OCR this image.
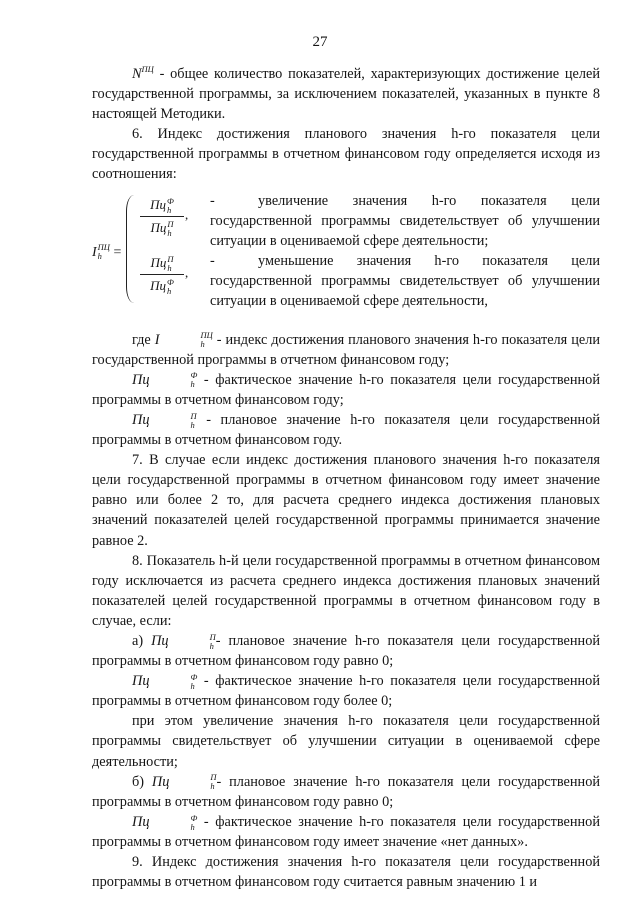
27

$N^{ПЦ}$ - общее количество показателей, характеризующих достижение целей государственной программы, за исключением показателей, указанных в пункте 8 настоящей Методики.

6. Индекс достижения планового значения h-го показателя цели государственной программы в отчетном финансовом году определяется исходя из соотношения:

I ПЦ
h =
Пц Ф
h
Пц П
h
,
-	увеличение значения h-го показателя цели государственной программы свидетельствует об улучшении ситуации в оцениваемой сфере деятельности;
Пц П
h
Пц Ф
h
,
-	уменьшение значения h-го показателя цели государственной программы свидетельствует об улучшении ситуации в оцениваемой сфере деятельности,

где I	ПЦ
h - индекс достижения планового значения h-го показателя цели государственной программы в отчетном финансовом году;

Пц	Ф
h - фактическое значение h-го показателя цели государственной программы в отчетном финансовом году;

Пц	П
h - плановое значение h-го показателя цели государственной программы в отчетном финансовом году.

7. В случае если индекс достижения планового значения h-го показателя цели государственной программы в отчетном финансовом году имеет значение равно или более 2 то, для расчета среднего индекса достижения плановых значений показателей целей государственной программы принимается значение равное 2.

8. Показатель h-й цели государственной программы в отчетном финансовом году исключается из расчета среднего индекса достижения плановых значений показателей целей государственной программы в отчетном финансовом году в случае, если:

а) Пц	П
h - плановое значение h-го показателя цели государственной программы в отчетном финансовом году равно 0;

Пц	Ф
h - фактическое значение h-го показателя цели государственной программы в отчетном финансовом году более 0;

при этом увеличение значения h-го показателя цели государственной программы свидетельствует об улучшении ситуации в оцениваемой сфере деятельности;

б) Пц	П
h - плановое значение h-го показателя цели государственной программы в отчетном финансовом году равно 0;

Пц	Ф
h - фактическое значение h-го показателя цели государственной программы в отчетном финансовом году имеет значение «нет данных».

9. Индекс достижения значения h-го показателя цели государственной программы в отчетном финансовом году считается равным значению 1 и
